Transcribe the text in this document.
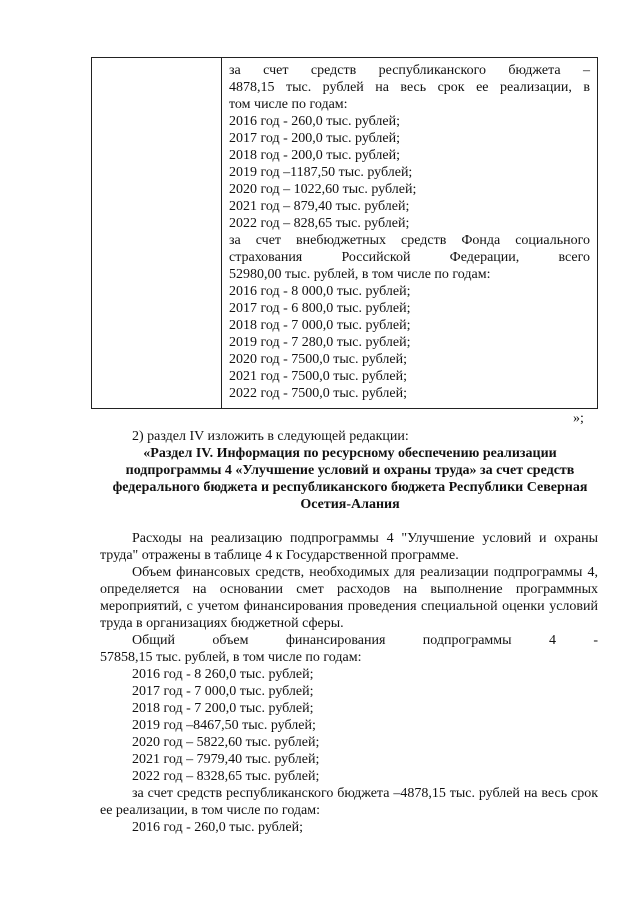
за счет средств республиканского бюджета –
4878,15 тыс. рублей на весь срок ее реализации, в
том числе по годам:
2016 год - 260,0 тыс. рублей;
2017 год - 200,0 тыс. рублей;
2018 год - 200,0 тыс. рублей;
2019 год –1187,50 тыс. рублей;
2020 год – 1022,60 тыс. рублей;
2021 год – 879,40 тыс. рублей;
2022 год – 828,65 тыс. рублей;
за счет внебюджетных средств Фонда социального
страхования Российской Федерации, всего
52980,00 тыс. рублей, в том числе по годам:
2016 год - 8 000,0 тыс. рублей;
2017 год - 6 800,0 тыс. рублей;
2018 год - 7 000,0 тыс. рублей;
2019 год - 7 280,0 тыс. рублей;
2020 год - 7500,0 тыс. рублей;
2021 год - 7500,0 тыс. рублей;
2022 год - 7500,0 тыс. рублей;
»;
2) раздел IV изложить в следующей редакции:
«Раздел IV. Информация по ресурсному обеспечению реализации подпрограммы 4 «Улучшение условий и охраны труда» за счет средств федерального бюджета и республиканского бюджета Республики Северная Осетия-Алания
Расходы на реализацию подпрограммы 4 "Улучшение условий и охраны труда" отражены в таблице 4 к Государственной программе.
Объем финансовых средств, необходимых для реализации подпрограммы 4, определяется на основании смет расходов на выполнение программных мероприятий, с учетом финансирования проведения специальной оценки условий труда в организациях бюджетной сферы.
Общий объем финансирования подпрограммы 4 -
57858,15 тыс. рублей, в том числе по годам:
2016 год - 8 260,0 тыс. рублей;
2017 год - 7 000,0 тыс. рублей;
2018 год - 7 200,0 тыс. рублей;
2019 год –8467,50 тыс. рублей;
2020 год – 5822,60 тыс. рублей;
2021 год – 7979,40 тыс. рублей;
2022 год – 8328,65 тыс. рублей;
за счет средств республиканского бюджета –4878,15 тыс. рублей на весь срок ее реализации, в том числе по годам:
2016 год - 260,0 тыс. рублей;
